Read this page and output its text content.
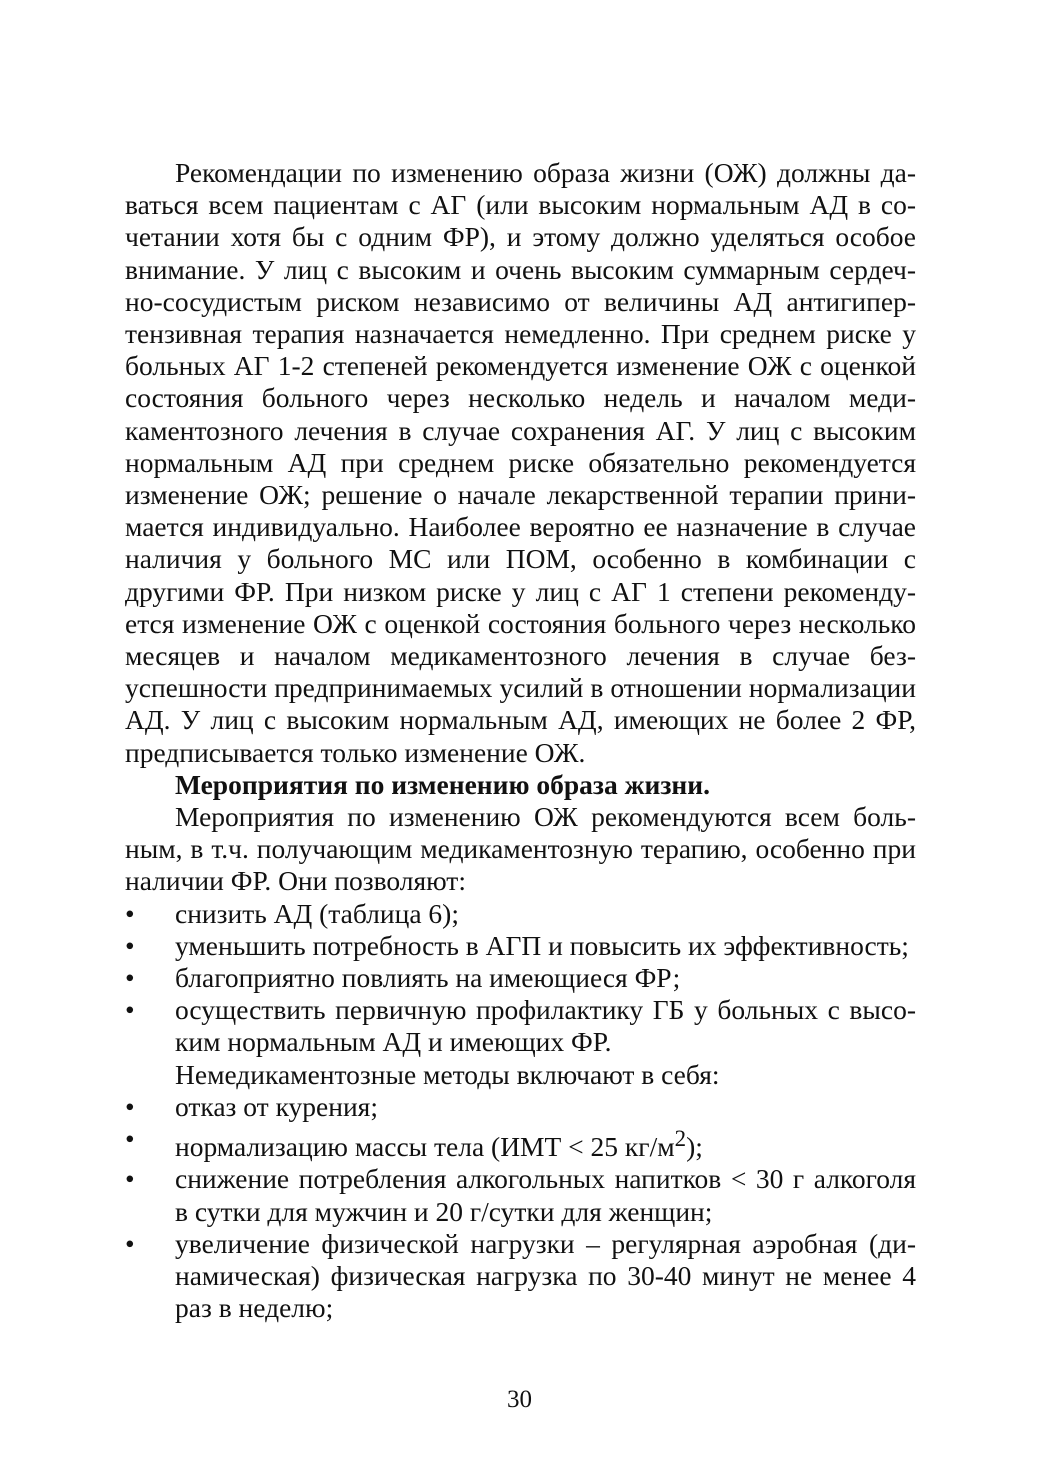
Рекомендации по изменению образа жизни (ОЖ) должны даваться всем пациентам с АГ (или высоким нормальным АД в сочетании хотя бы с одним ФР), и этому должно уделяться особое внимание. У лиц с высоким и очень высоким суммарным сердечно-сосудистым риском независимо от величины АД антигипертензивная терапия назначается немедленно. При среднем риске у больных АГ 1-2 степеней рекомендуется изменение ОЖ с оценкой состояния больного через несколько недель и началом медикаментозного лечения в случае сохранения АГ. У лиц с высоким нормальным АД при среднем риске обязательно рекомендуется изменение ОЖ; решение о начале лекарственной терапии принимается индивидуально. Наиболее вероятно ее назначение в случае наличия у больного МС или ПОМ, особенно в комбинации с другими ФР. При низком риске у лиц с АГ 1 степени рекомендуется изменение ОЖ с оценкой состояния больного через несколько месяцев и началом медикаментозного лечения в случае безуспешности предпринимаемых усилий в отношении нормализации АД. У лиц с высоким нормальным АД, имеющих не более 2 ФР, предписывается только изменение ОЖ.

Мероприятия по изменению образа жизни.

Мероприятия по изменению ОЖ рекомендуются всем больным, в т.ч. получающим медикаментозную терапию, особенно при наличии ФР. Они позволяют:

• снизить АД (таблица 6);
• уменьшить потребность в АГП и повысить их эффективность;
• благоприятно повлиять на имеющиеся ФР;
• осуществить первичную профилактику ГБ у больных с высоким нормальным АД и имеющих ФР.

Немедикаментозные методы включают в себя:

• отказ от курения;
• нормализацию массы тела (ИМТ < 25 $кг/м^2$);
• снижение потребления алкогольных напитков < 30 г алкоголя в сутки для мужчин и 20 г/сутки для женщин;
• увеличение физической нагрузки – регулярная аэробная (динамическая) физическая нагрузка по 30-40 минут не менее 4 раз в неделю;
30
